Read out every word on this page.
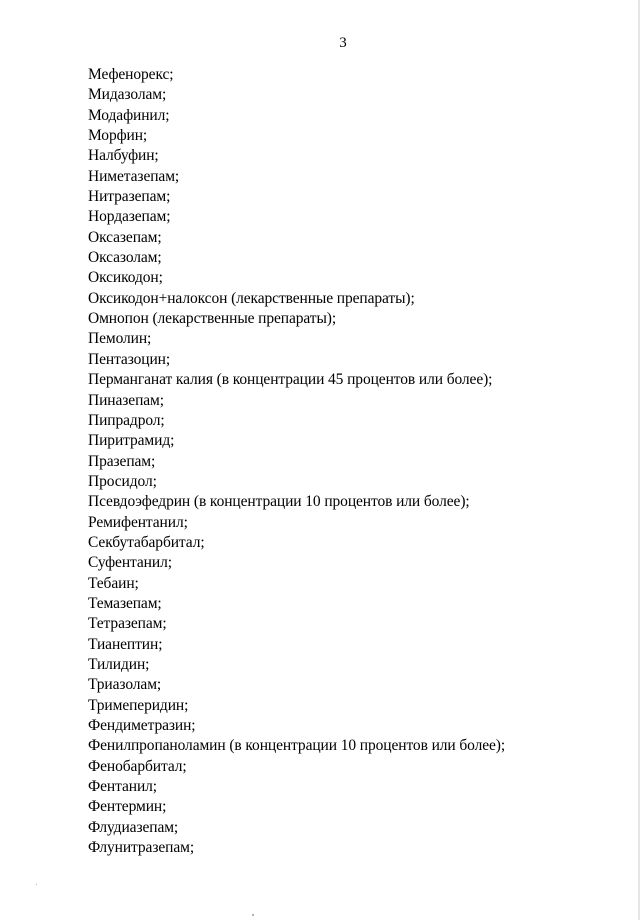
3
Мефенорекс;
Мидазолам;
Модафинил;
Морфин;
Налбуфин;
Ниметазепам;
Нитразепам;
Нордазепам;
Оксазепам;
Оксазолам;
Оксикодон;
Оксикодон+налоксон (лекарственные препараты);
Омнопон (лекарственные препараты);
Пемолин;
Пентазоцин;
Перманганат калия (в концентрации 45 процентов или более);
Пиназепам;
Пипрадрол;
Пиритрамид;
Празепам;
Просидол;
Псевдоэфедрин (в концентрации 10 процентов или более);
Ремифентанил;
Секбутабарбитал;
Суфентанил;
Тебаин;
Темазепам;
Тетразепам;
Тианептин;
Тилидин;
Триазолам;
Тримеперидин;
Фендиметразин;
Фенилпропаноламин (в концентрации 10 процентов или более);
Фенобарбитал;
Фентанил;
Фентермин;
Флудиазепам;
Флунитразепам;
